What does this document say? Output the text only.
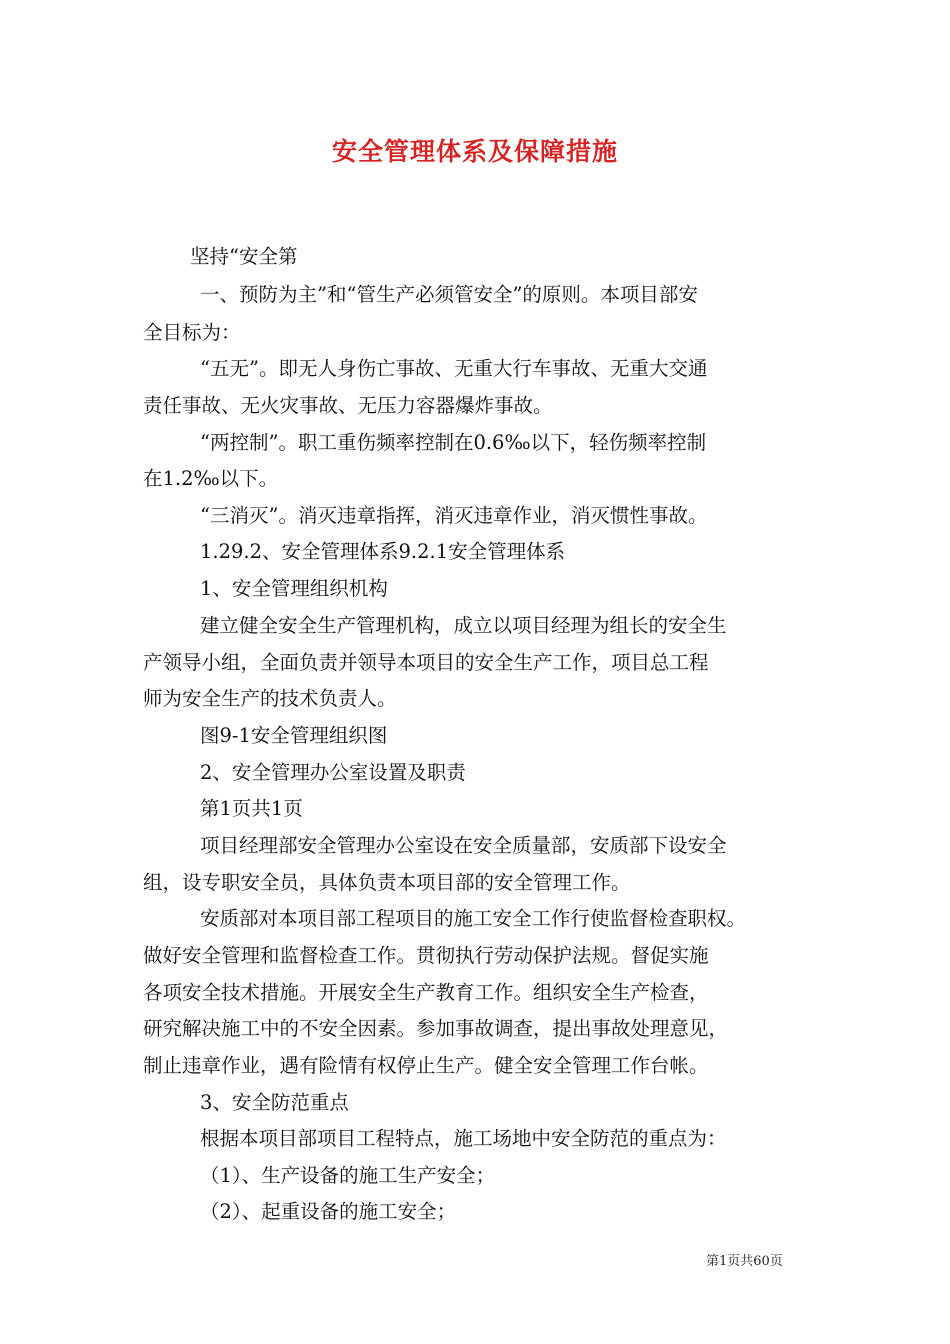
安全管理体系及保障措施
坚持“安全第
一、预防为主”和“管生产必须管安全”的原则。本项目部安
全目标为：
“五无”。即无人身伤亡事故、无重大行车事故、无重大交通
责任事故、无火灾事故、无压力容器爆炸事故。
“两控制”。职工重伤频率控制在0.6‰以下，轻伤频率控制
在1.2‰以下。
“三消灭”。消灭违章指挥，消灭违章作业，消灭惯性事故。
1.29.2、安全管理体系9.2.1安全管理体系
1、安全管理组织机构
建立健全安全生产管理机构，成立以项目经理为组长的安全生
产领导小组，全面负责并领导本项目的安全生产工作，项目总工程
师为安全生产的技术负责人。
图9-1安全管理组织图
2、安全管理办公室设置及职责
第1页共1页
项目经理部安全管理办公室设在安全质量部，安质部下设安全
组，设专职安全员，具体负责本项目部的安全管理工作。
安质部对本项目部工程项目的施工安全工作行使监督检查职权。
做好安全管理和监督检查工作。贯彻执行劳动保护法规。督促实施
各项安全技术措施。开展安全生产教育工作。组织安全生产检查，
研究解决施工中的不安全因素。参加事故调查，提出事故处理意见，
制止违章作业，遇有险情有权停止生产。健全安全管理工作台帐。
3、安全防范重点
根据本项目部项目工程特点，施工场地中安全防范的重点为：
（1）、生产设备的施工生产安全；
（2）、起重设备的施工安全；
第1页共60页
